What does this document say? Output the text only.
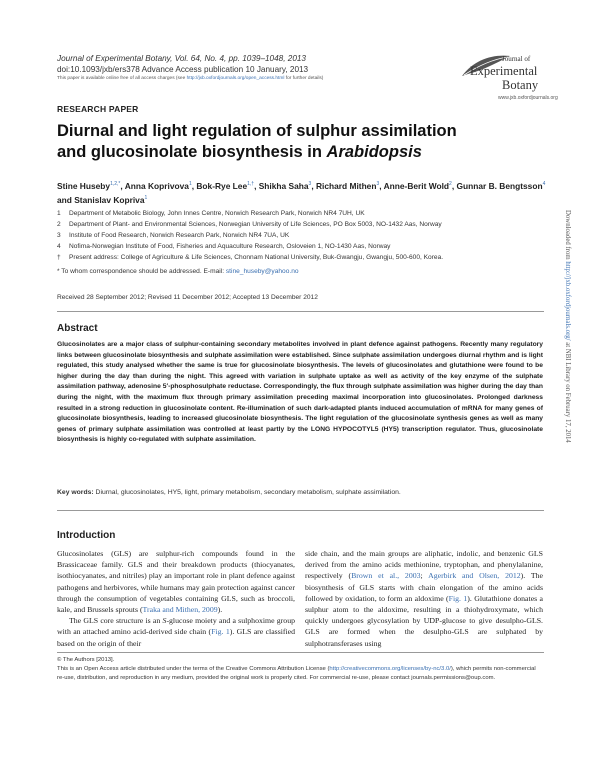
Journal of Experimental Botany, Vol. 64, No. 4, pp. 1039–1048, 2013
doi:10.1093/jxb/ers378 Advance Access publication 10 January, 2013
This paper is available online free of all access charges (see http://jxb.oxfordjournals.org/open_access.html for further details)
Journal of
Experimental
Botany
www.jxb.oxfordjournals.org
RESEARCH PAPER
Diurnal and light regulation of sulphur assimilation and glucosinolate biosynthesis in Arabidopsis
Stine Huseby$^{1,2,*}$, Anna Koprivova$^1$, Bok-Rye Lee$^{1,\dagger}$, Shikha Saha$^3$, Richard Mithen$^3$, Anne-Berit Wold$^2$, Gunnar B. Bengtsson$^4$ and Stanislav Kopriva$^1$
1	Department of Metabolic Biology, John Innes Centre, Norwich Research Park, Norwich NR4 7UH, UK
2	Department of Plant- and Environmental Sciences, Norwegian University of Life Sciences, PO Box 5003, NO-1432 Aas, Norway
3	Institute of Food Research, Norwich Research Park, Norwich NR4 7UA, UK
4	Nofima-Norwegian Institute of Food, Fisheries and Aquaculture Research, Osloveien 1, NO-1430 Aas, Norway
†	Present address: College of Agriculture & Life Sciences, Chonnam National University, Buk-Gwangju, Gwangju, 500-600, Korea.
* To whom correspondence should be addressed. E-mail: stine_huseby@yahoo.no
Received 28 September 2012; Revised 11 December 2012; Accepted 13 December 2012
Abstract
Glucosinolates are a major class of sulphur-containing secondary metabolites involved in plant defence against pathogens. Recently many regulatory links between glucosinolate biosynthesis and sulphate assimilation were established. Since sulphate assimilation undergoes diurnal rhythm and is light regulated, this study analysed whether the same is true for glucosinolate biosynthesis. The levels of glucosinolates and glutathione were found to be higher during the day than during the night. This agreed with variation in sulphate uptake as well as activity of the key enzyme of the sulphate assimilation pathway, adenosine 5′-phosphosulphate reductase. Correspondingly, the flux through sulphate assimilation was higher during the day than during the night, with the maximum flux through primary assimilation preceding maximal incorporation into glucosinolates. Prolonged darkness resulted in a strong reduction in glucosinolate content. Re-illumination of such dark-adapted plants induced accumulation of mRNA for many genes of glucosinolate biosynthesis, leading to increased glucosinolate biosynthesis. The light regulation of the glucosinolate synthesis genes as well as many genes of primary sulphate assimilation was controlled at least partly by the LONG HYPOCOTYL5 (HY5) transcription regulator. Thus, glucosinolate biosynthesis is highly co-regulated with sulphate assimilation.
Key words: Diurnal, glucosinolates, HY5, light, primary metabolism, secondary metabolism, sulphate assimilation.
Introduction
Glucosinolates (GLS) are sulphur-rich compounds found in the Brassicaceae family. GLS and their breakdown products (thiocyanates, isothiocyanates, and nitriles) play an important role in plant defence against pathogens and herbivores, while humans may gain protection against cancer through the consumption of vegetables containing GLS, such as broccoli, kale, and Brussels sprouts (Traka and Mithen, 2009).
The GLS core structure is an S-glucose moiety and a sulphoxime group with an attached amino acid-derived side chain (Fig. 1). GLS are classified based on the origin of their
side chain, and the main groups are aliphatic, indolic, and benzenic GLS derived from the amino acids methionine, tryptophan, and phenylalanine, respectively (Brown et al., 2003; Agerbirk and Olsen, 2012). The biosynthesis of GLS starts with chain elongation of the amino acids followed by oxidation, to form an aldoxime (Fig. 1). Glutathione donates a sulphur atom to the aldoxime, resulting in a thiohydroxymate, which quickly undergoes glycosylation by UDP-glucose to give desulpho-GLS. GLS are formed when the desulpho-GLS are sulphated by sulphotransferases using
© The Authors [2013].
This is an Open Access article distributed under the terms of the Creative Commons Attribution License (http://creativecommons.org/licenses/by-nc/3.0/), which permits non-commercial re-use, distribution, and reproduction in any medium, provided the original work is properly cited. For commercial re-use, please contact journals.permissions@oup.com.
Downloaded from http://jxb.oxfordjournals.org/ at NBI Library on February 17, 2014
